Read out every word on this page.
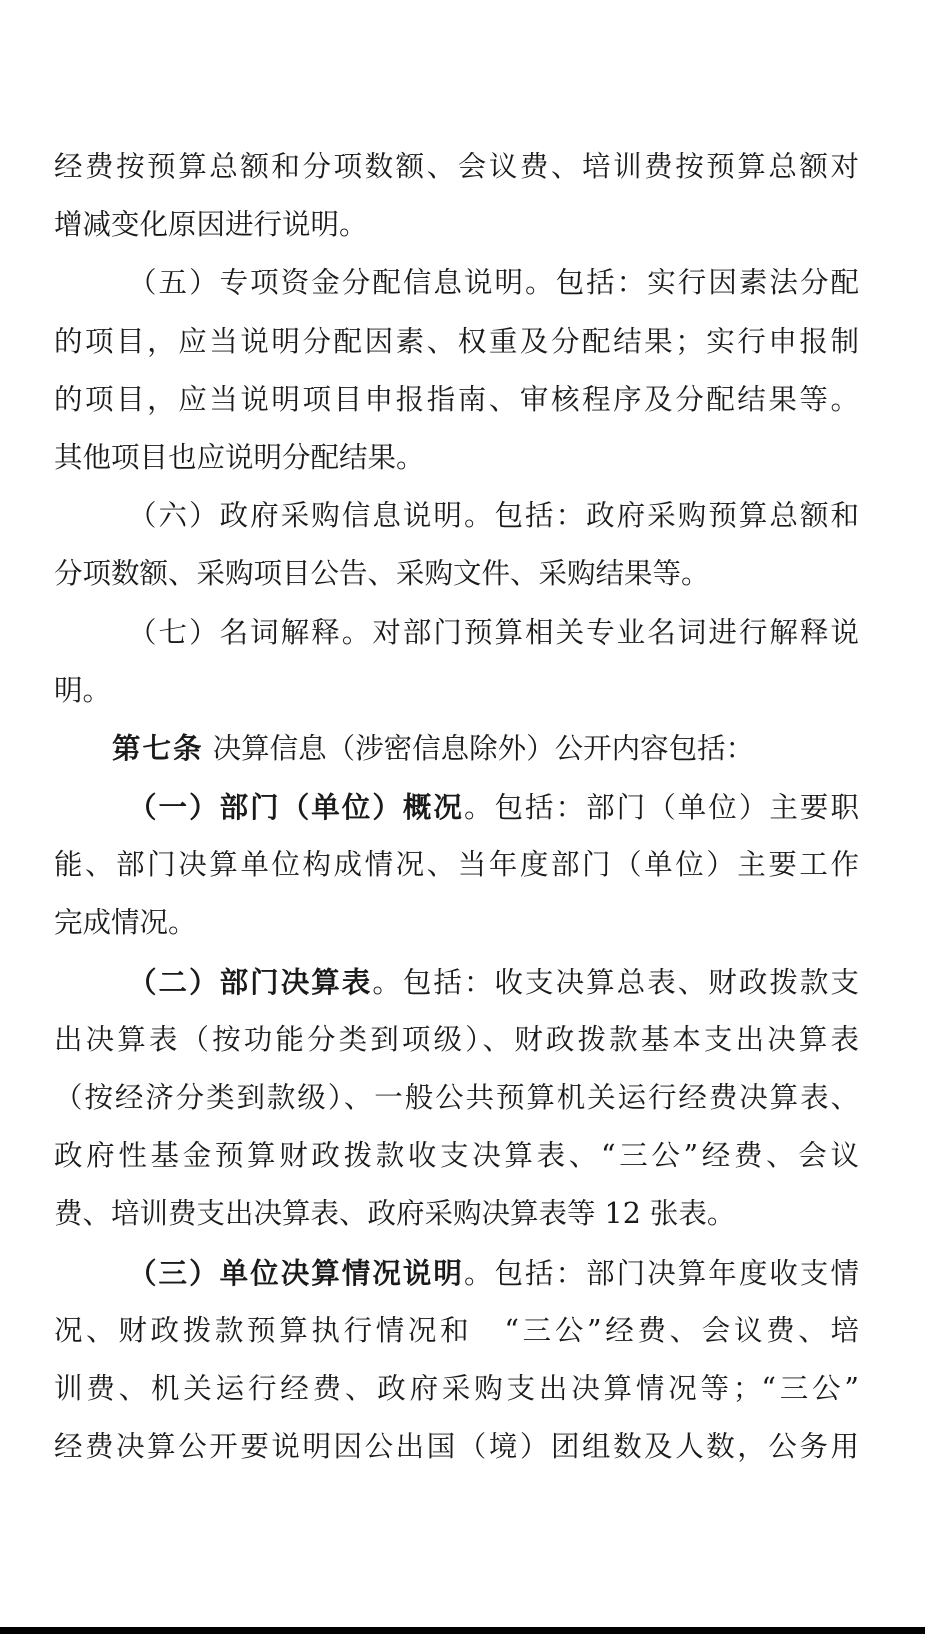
经费按预算总额和分项数额、会议费、培训费按预算总额对
增减变化原因进行说明。
（五）专项资金分配信息说明。包括：实行因素法分配
的项目，应当说明分配因素、权重及分配结果；实行申报制
的项目，应当说明项目申报指南、审核程序及分配结果等。
其他项目也应说明分配结果。
（六）政府采购信息说明。包括：政府采购预算总额和
分项数额、采购项目公告、采购文件、采购结果等。
（七）名词解释。对部门预算相关专业名词进行解释说
明。
第七条 决算信息（涉密信息除外）公开内容包括：
（一）部门（单位）概况。包括：部门（单位）主要职
能、部门决算单位构成情况、当年度部门（单位）主要工作
完成情况。
（二）部门决算表。包括：收支决算总表、财政拨款支
出决算表（按功能分类到项级）、财政拨款基本支出决算表
（按经济分类到款级）、一般公共预算机关运行经费决算表、
政府性基金预算财政拨款收支决算表、“三公”经费、会议
费、培训费支出决算表、政府采购决算表等 12 张表。
（三）单位决算情况说明。包括：部门决算年度收支情
况、财政拨款预算执行情况和　“三公”经费、会议费、培
训费、机关运行经费、政府采购支出决算情况等；“三公”
经费决算公开要说明因公出国（境）团组数及人数，公务用
